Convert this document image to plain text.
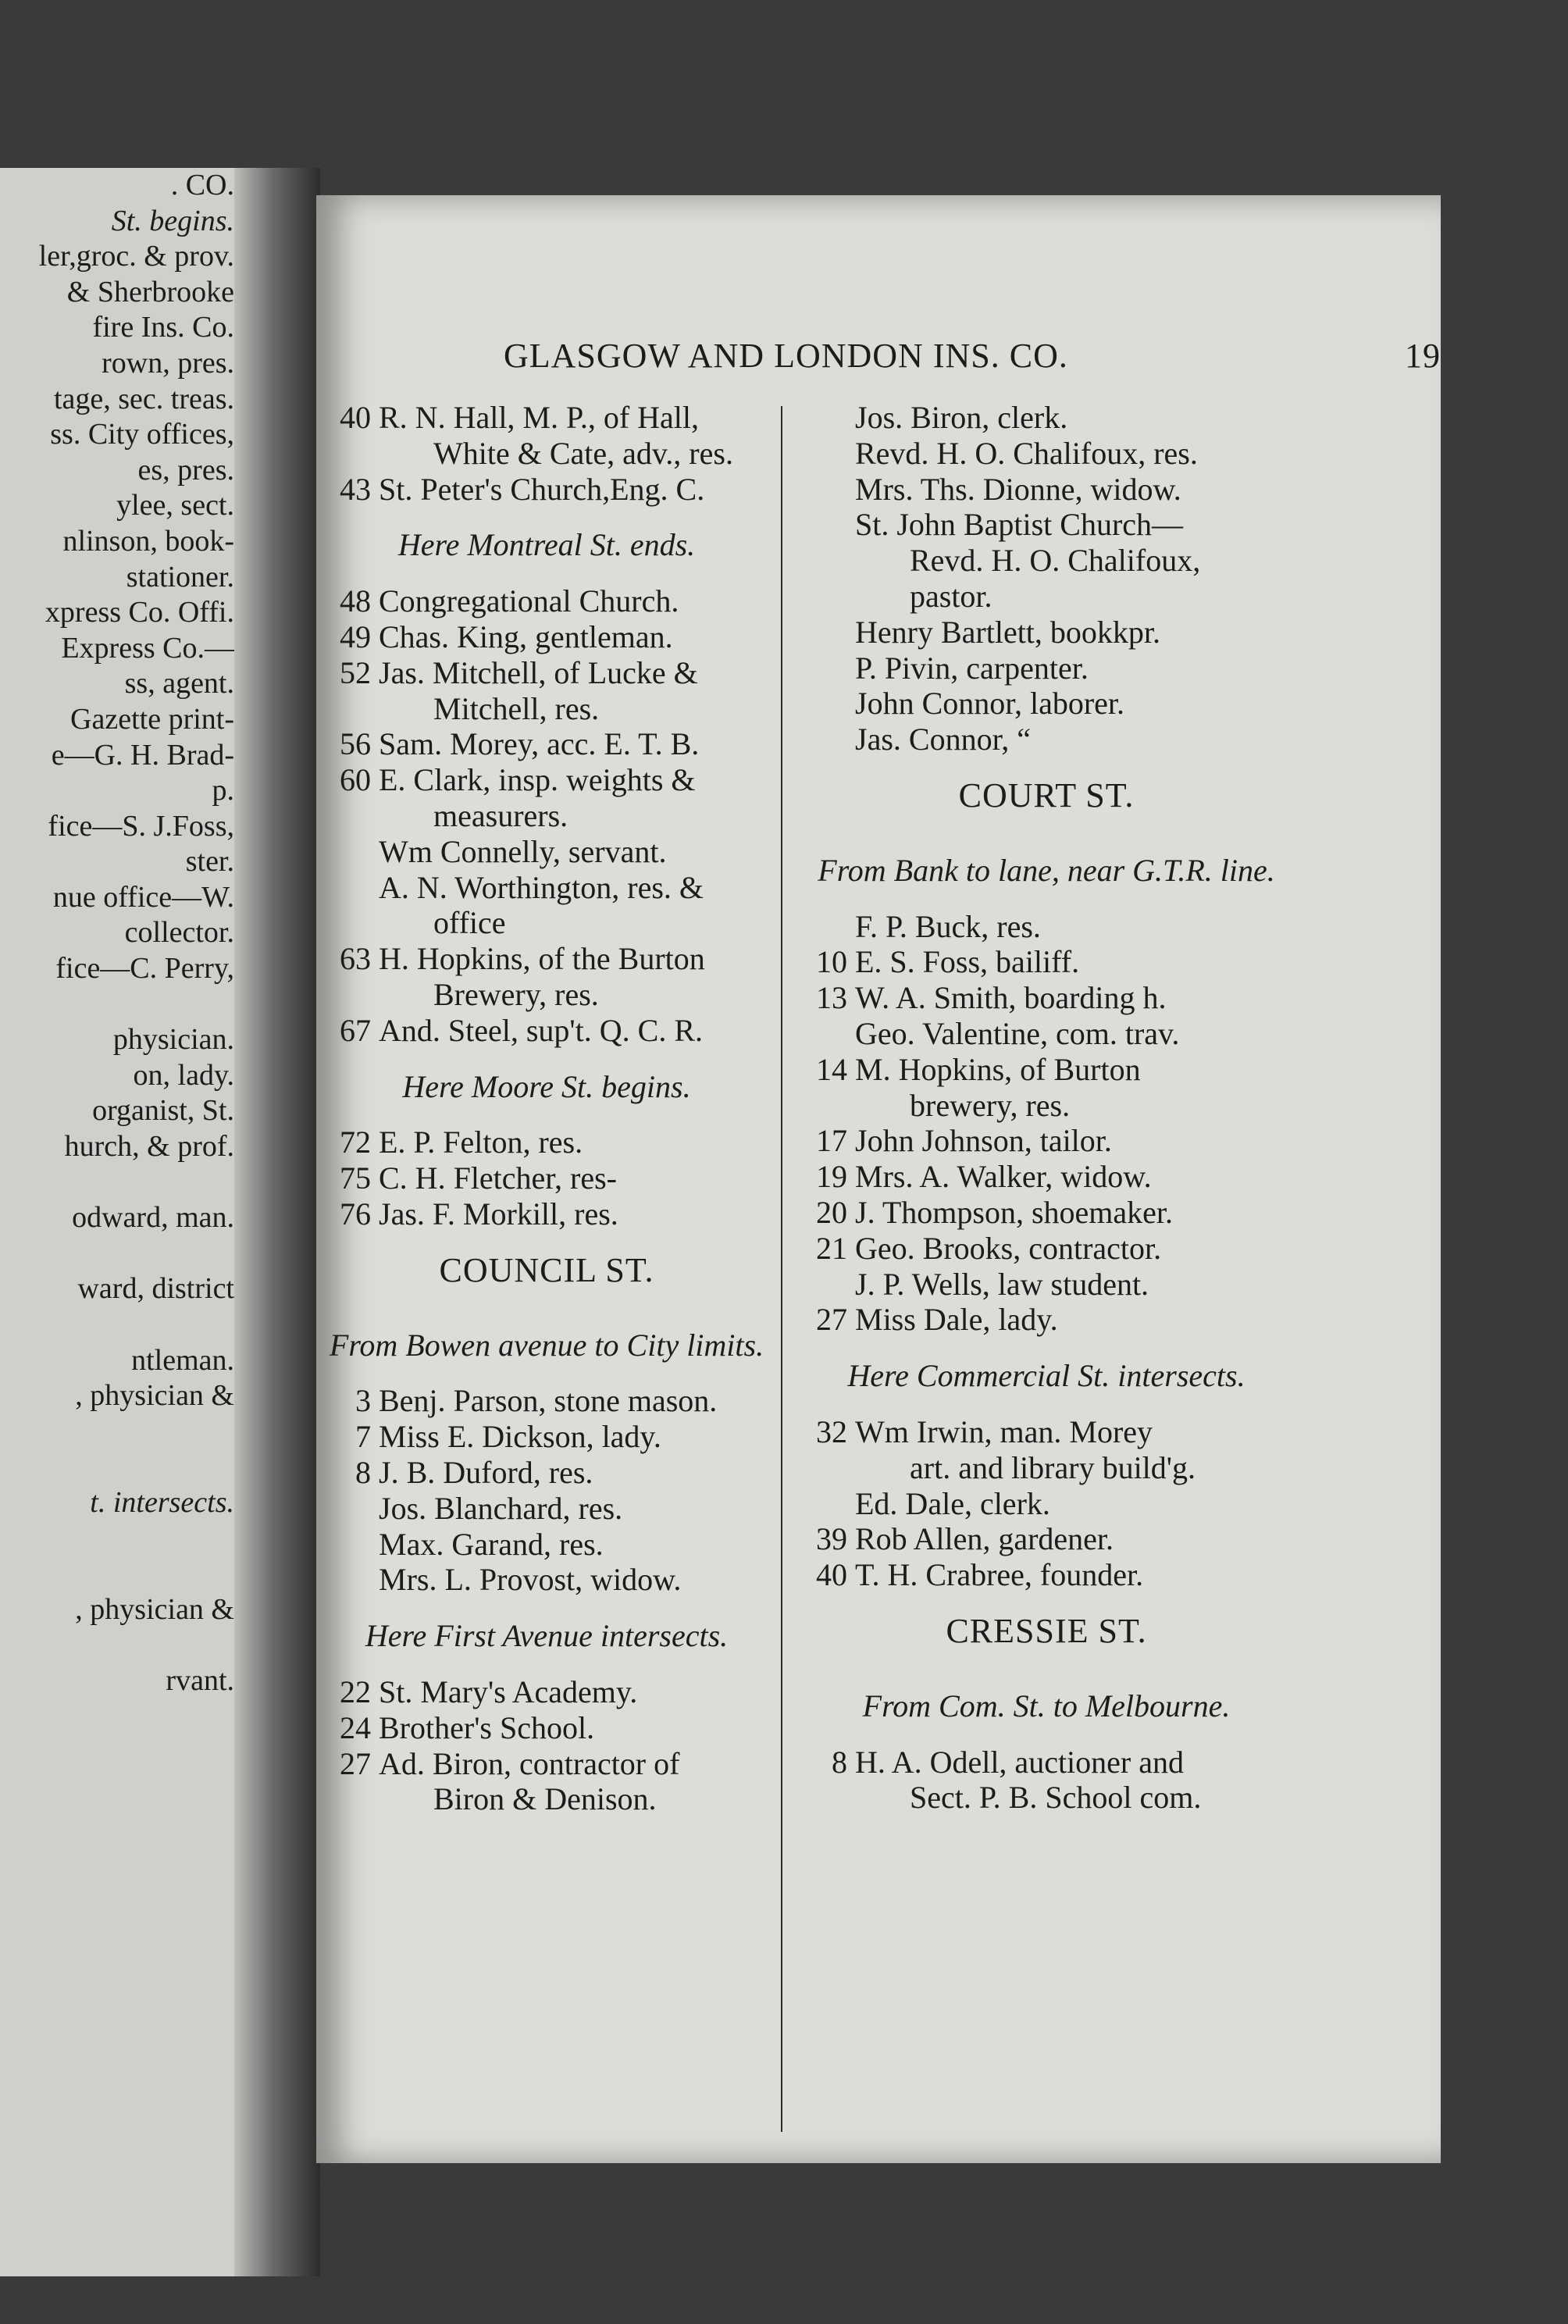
. CO.
St. begins.
ler,groc. & prov.
& Sherbrooke
fire Ins. Co.
rown, pres.
tage, sec. treas.
ss. City offices,
es, pres.
ylee, sect.
nlinson, book-
stationer.
xpress Co. Offi.
Express Co.—
ss, agent.
Gazette print-
e—G. H. Brad-
p.
fice—S. J.Foss,
ster.
nue office—W.
collector.
fice—C. Perry,
physician.
on, lady.
organist, St.
hurch, & prof.
odward, man.
ward, district
ntleman.
, physician &
t. intersects.
, physician &
rvant.
GLASGOW AND LONDON INS. CO.	19
40 R. N. Hall, M. P., of Hall,
White & Cate, adv., res.
43 St. Peter's Church,Eng. C.
Here Montreal St. ends.
48 Congregational Church.
49 Chas. King, gentleman.
52 Jas. Mitchell, of Lucke &
Mitchell, res.
56 Sam. Morey, acc. E. T. B.
60 E. Clark, insp. weights &
measurers.
Wm Connelly, servant.
A. N. Worthington, res. &
office
63 H. Hopkins, of the Burton
Brewery, res.
67 And. Steel, sup't. Q. C. R.
Here Moore St. begins.
72 E. P. Felton, res.
75 C. H. Fletcher, res-
76 Jas. F. Morkill, res.
COUNCIL ST.
From Bowen avenue to City limits.
3 Benj. Parson, stone mason.
7 Miss E. Dickson, lady.
8 J. B. Duford, res.
Jos. Blanchard, res.
Max. Garand, res.
Mrs. L. Provost, widow.
Here First Avenue intersects.
22 St. Mary's Academy.
24 Brother's School.
27 Ad. Biron, contractor of
Biron & Denison.
Jos. Biron, clerk.
Revd. H. O. Chalifoux, res.
Mrs. Ths. Dionne, widow.
St. John Baptist Church—
Revd. H. O. Chalifoux,
pastor.
Henry Bartlett, bookkpr.
P. Pivin, carpenter.
John Connor, laborer.
Jas. Connor, “
COURT ST.
From Bank to lane, near G.T.R. line.
F. P. Buck, res.
10 E. S. Foss, bailiff.
13 W. A. Smith, boarding h.
Geo. Valentine, com. trav.
14 M. Hopkins, of Burton
brewery, res.
17 John Johnson, tailor.
19 Mrs. A. Walker, widow.
20 J. Thompson, shoemaker.
21 Geo. Brooks, contractor.
J. P. Wells, law student.
27 Miss Dale, lady.
Here Commercial St. intersects.
32 Wm Irwin, man. Morey
art. and library build'g.
Ed. Dale, clerk.
39 Rob Allen, gardener.
40 T. H. Crabree, founder.
CRESSIE ST.
From Com. St. to Melbourne.
8 H. A. Odell, auctioner and
Sect. P. B. School com.
